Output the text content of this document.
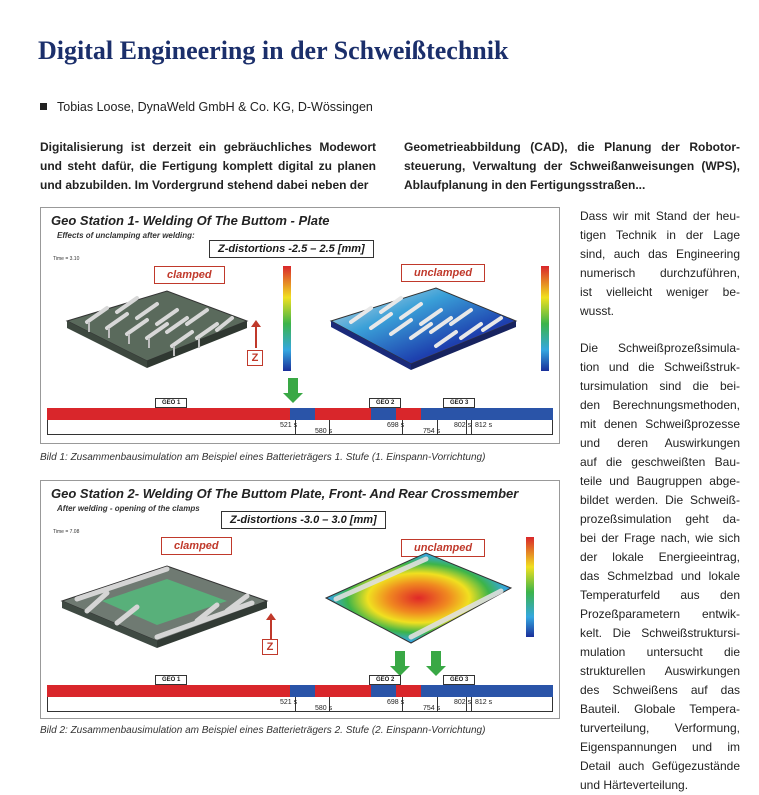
Digital Engineering in der Schweißtechnik
Tobias Loose, DynaWeld GmbH & Co. KG, D-Wössingen
Digitalisierung ist derzeit ein gebräuchliches Modewort
und steht dafür, die Fertigung komplett digital zu planen
und abzubilden. Im Vordergrund stehend dabei neben der
Geometrieabbildung (CAD), die Planung der Robotor-
steuerung, Verwaltung der Schweißanweisungen (WPS),
Ablaufplanung in den Fertigungsstraßen...
Geo Station 1- Welding Of The Buttom - Plate
Effects of unclamping after welding:
Time = 3.10
Z-distortions -2.5 – 2.5 [mm]
clamped	unclamped
Z
GEO 1	GEO 2	GEO 3
521 s
580 s
698 s
754 s
802 s 812 s
Bild 1: Zusammenbausimulation am Beispiel eines Batterieträgers 1. Stufe (1. Einspann-Vorrichtung)
Geo Station 2- Welding Of The Buttom Plate, Front- And Rear Crossmember
After welding - opening of the clamps
Time = 7.08
Z-distortions -3.0 – 3.0 [mm]
clamped	unclamped
Z
GEO 1	GEO 2	GEO 3
521 s
580 s
698 s
754 s
802 s 812 s
Bild 2: Zusammenbausimulation am Beispiel eines Batterieträgers 2. Stufe (2. Einspann-Vorrichtung)
Dass wir mit Stand der heu-
tigen Technik in der Lage
sind, auch das Engineering
numerisch durchzuführen,
ist vielleicht weniger be-
wusst.
Die Schweißprozeßsimula-
tion und die Schweißstruk-
tursimulation sind die bei-
den Berechnungsmethoden,
mit denen Schweißprozesse
und deren Auswirkungen
auf die geschweißten Bau-
teile und Baugruppen abge-
bildet werden. Die Schweiß-
prozeßsimulation geht da-
bei der Frage nach, wie sich
der lokale Energieeintrag,
das Schmelzbad und lokale
Temperaturfeld aus den
Prozeßparametern entwik-
kelt. Die Schweißstruktursi-
mulation untersucht die
strukturellen Auswirkungen
des Schweißens auf das
Bauteil. Globale Tempera-
turverteilung, Verformung,
Eigenspannungen und im
Detail auch Gefügezustände
und Härteverteilung.
